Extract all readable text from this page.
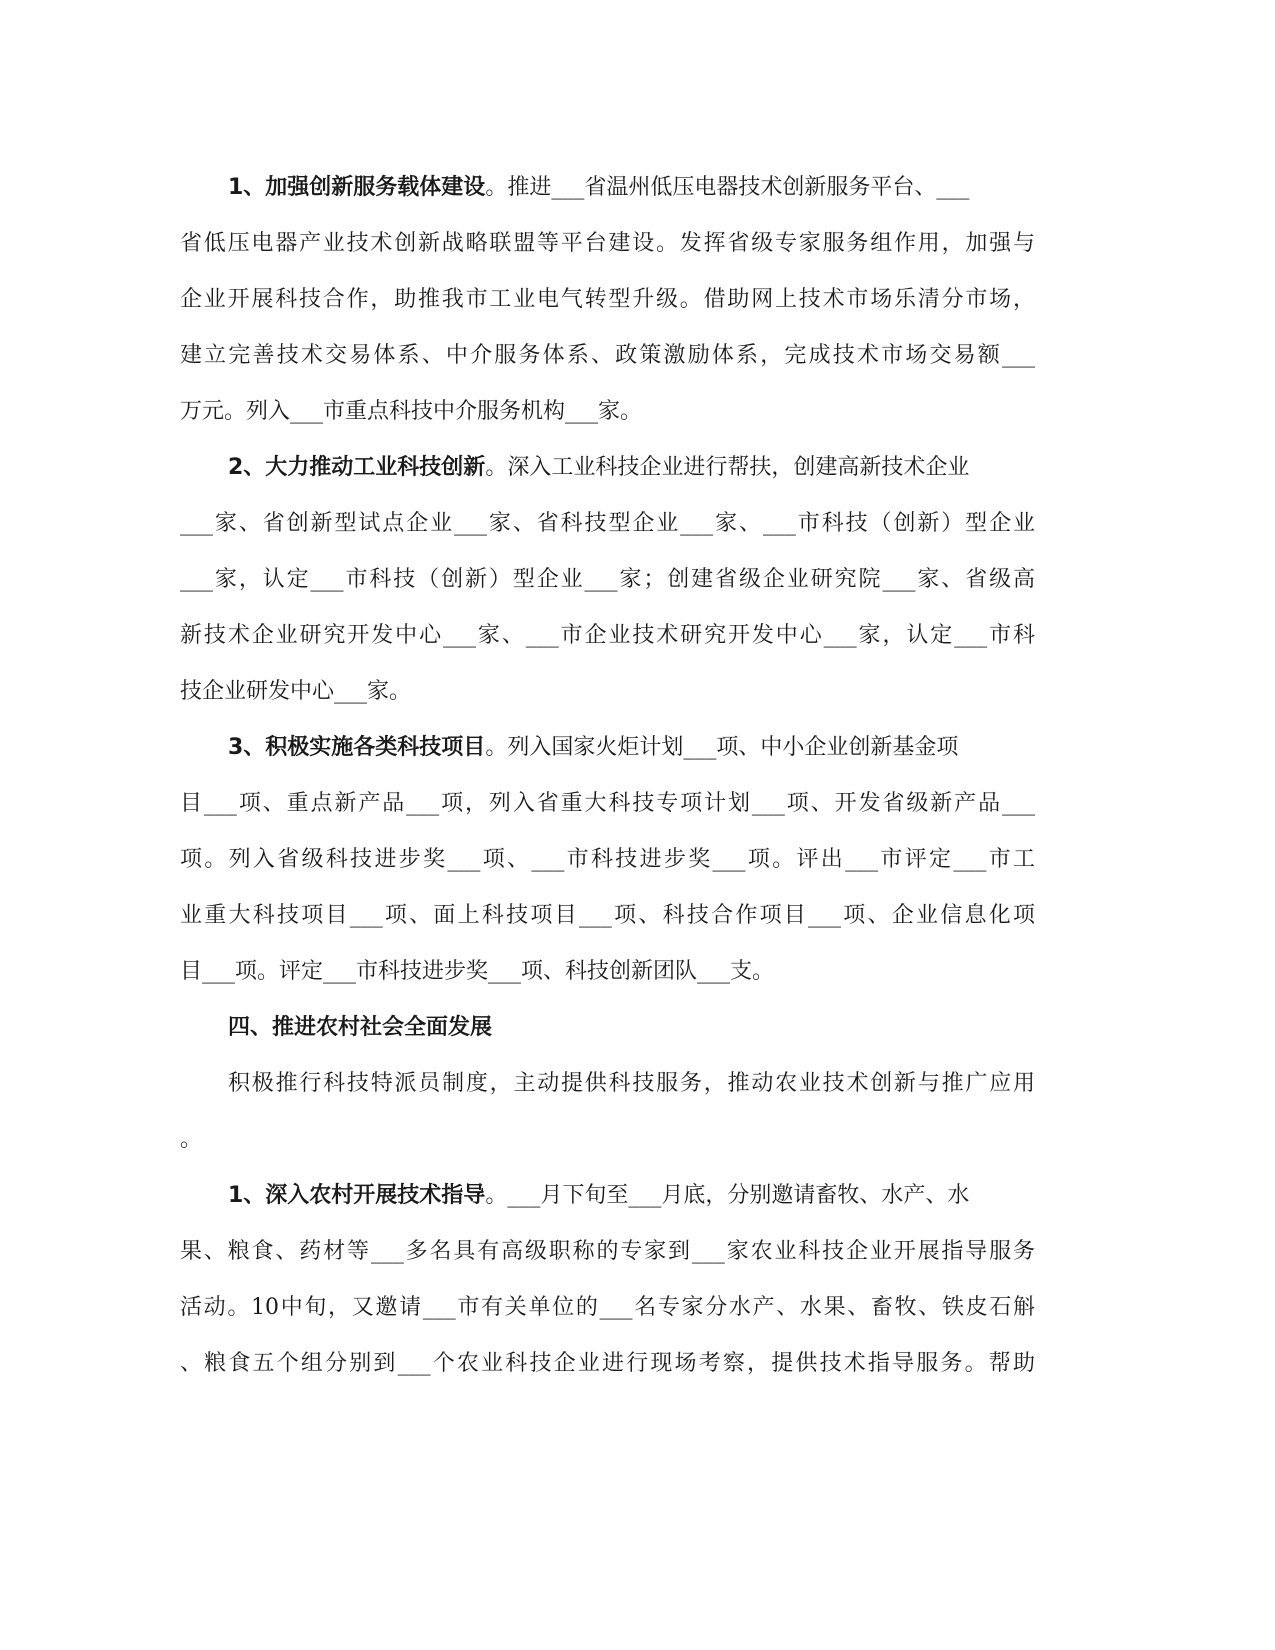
1、加强创新服务载体建设。推进___省温州低压电器技术创新服务平台、___
省低压电器产业技术创新战略联盟等平台建设。发挥省级专家服务组作用，加强与
企业开展科技合作，助推我市工业电气转型升级。借助网上技术市场乐清分市场，
建立完善技术交易体系、中介服务体系、政策激励体系，完成技术市场交易额___
万元。列入___市重点科技中介服务机构___家。
2、大力推动工业科技创新。深入工业科技企业进行帮扶，创建高新技术企业
___家、省创新型试点企业___家、省科技型企业___家、___市科技（创新）型企业
___家，认定___市科技（创新）型企业___家；创建省级企业研究院___家、省级高
新技术企业研究开发中心___家、___市企业技术研究开发中心___家，认定___市科
技企业研发中心___家。
3、积极实施各类科技项目。列入国家火炬计划___项、中小企业创新基金项
目___项、重点新产品___项，列入省重大科技专项计划___项、开发省级新产品___
项。列入省级科技进步奖___项、___市科技进步奖___项。评出___市评定___市工
业重大科技项目___项、面上科技项目___项、科技合作项目___项、企业信息化项
目___项。评定___市科技进步奖___项、科技创新团队___支。
四、推进农村社会全面发展
积极推行科技特派员制度，主动提供科技服务，推动农业技术创新与推广应用
。
1、深入农村开展技术指导。___月下旬至___月底，分别邀请畜牧、水产、水
果、粮食、药材等___多名具有高级职称的专家到___家农业科技企业开展指导服务
活动。10中旬，又邀请___市有关单位的___名专家分水产、水果、畜牧、铁皮石斛
、粮食五个组分别到___个农业科技企业进行现场考察，提供技术指导服务。帮助
